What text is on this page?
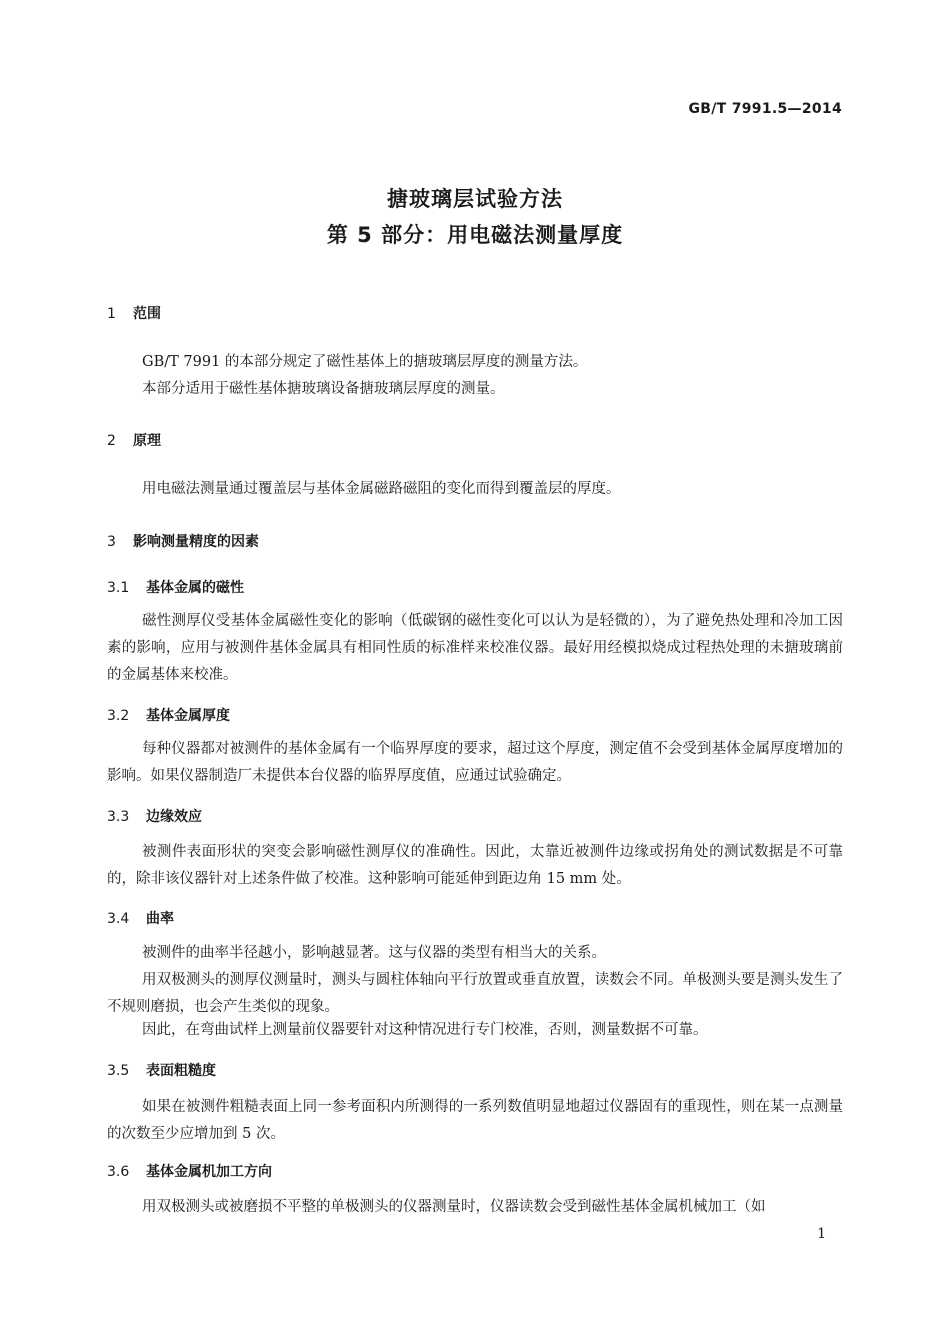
GB/T 7991.5—2014
搪玻璃层试验方法
第 5 部分：用电磁法测量厚度
1 范围
GB/T 7991 的本部分规定了磁性基体上的搪玻璃层厚度的测量方法。
本部分适用于磁性基体搪玻璃设备搪玻璃层厚度的测量。
2 原理
用电磁法测量通过覆盖层与基体金属磁路磁阻的变化而得到覆盖层的厚度。
3 影响测量精度的因素
3.1 基体金属的磁性
磁性测厚仪受基体金属磁性变化的影响（低碳钢的磁性变化可以认为是轻微的），为了避免热处理和冷加工因素的影响，应用与被测件基体金属具有相同性质的标准样来校准仪器。最好用经模拟烧成过程热处理的未搪玻璃前的金属基体来校准。
3.2 基体金属厚度
每种仪器都对被测件的基体金属有一个临界厚度的要求，超过这个厚度，测定值不会受到基体金属厚度增加的影响。如果仪器制造厂未提供本台仪器的临界厚度值，应通过试验确定。
3.3 边缘效应
被测件表面形状的突变会影响磁性测厚仪的准确性。因此，太靠近被测件边缘或拐角处的测试数据是不可靠的，除非该仪器针对上述条件做了校准。这种影响可能延伸到距边角 15 mm 处。
3.4 曲率
被测件的曲率半径越小，影响越显著。这与仪器的类型有相当大的关系。
用双极测头的测厚仪测量时，测头与圆柱体轴向平行放置或垂直放置，读数会不同。单极测头要是测头发生了不规则磨损，也会产生类似的现象。
因此，在弯曲试样上测量前仪器要针对这种情况进行专门校准，否则，测量数据不可靠。
3.5 表面粗糙度
如果在被测件粗糙表面上同一参考面积内所测得的一系列数值明显地超过仪器固有的重现性，则在某一点测量的次数至少应增加到 5 次。
3.6 基体金属机加工方向
用双极测头或被磨损不平整的单极测头的仪器测量时，仪器读数会受到磁性基体金属机械加工（如
1
